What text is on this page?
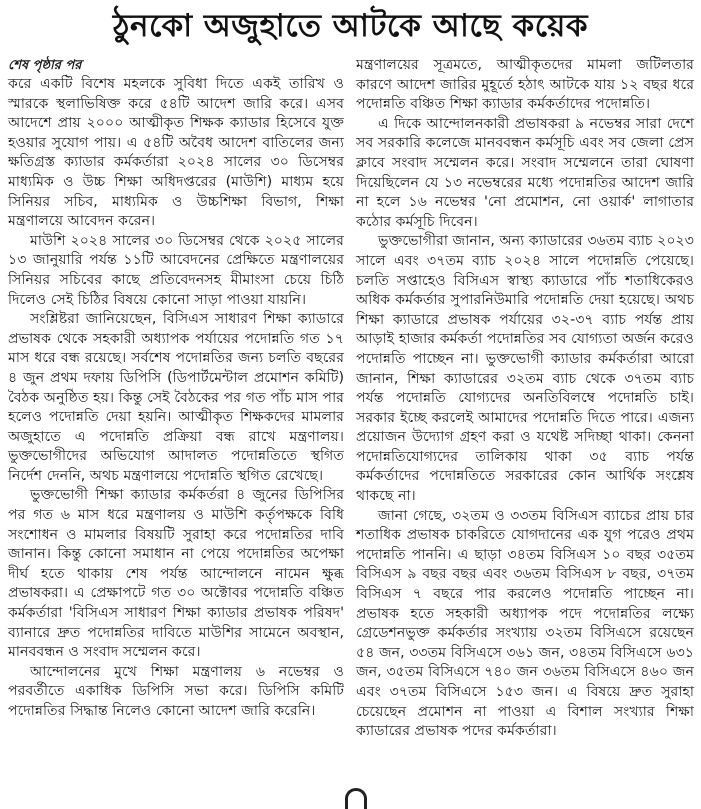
ঠুনকো অজুহাতে আটকে আছে কয়েক

শেষ পৃষ্ঠার পর

করে একটি বিশেষ মহলকে সুবিধা দিতে একই তারিখ ও স্মারকে স্থলাভিষিক্ত করে ৫৪টি আদেশ জারি করে। এসব আদেশে প্রায় ২০০০ আত্মীকৃত শিক্ষক ক্যাডার হিসেবে যুক্ত হওয়ার সুযোগ পায়। এ ৫৪টি অবৈধ আদেশ বাতিলের জন্য ক্ষতিগ্রস্ত ক্যাডার কর্মকর্তারা ২০২৪ সালের ৩০ ডিসেম্বর মাধ্যমিক ও উচ্চ শিক্ষা অধিদপ্তরের (মাউশি) মাধ্যম হয়ে সিনিয়র সচিব, মাধ্যমিক ও উচ্চশিক্ষা বিভাগ, শিক্ষা মন্ত্রণালয়ে আবেদন করেন।

মাউশি ২০২৪ সালের ৩০ ডিসেম্বর থেকে ২০২৫ সালের ১৩ জানুয়ারি পর্যন্ত ১১টি আবেদনের প্রেক্ষিতে মন্ত্রণালয়ের সিনিয়র সচিবের কাছে প্রতিবেদনসহ মীমাংসা চেয়ে চিঠি দিলেও সেই চিঠির বিষয়ে কোনো সাড়া পাওয়া যায়নি।

সংশ্লিষ্টরা জানিয়েছেন, বিসিএস সাধারণ শিক্ষা ক্যাডারে প্রভাষক থেকে সহকারী অধ্যাপক পর্যায়ের পদোন্নতি গত ১৭ মাস ধরে বন্ধ রয়েছে। সর্বশেষ পদোন্নতির জন্য চলতি বছরের ৪ জুন প্রথম দফায় ডিপিসি (ডিপার্টমেন্টাল প্রমোশন কমিটি) বৈঠক অনুষ্ঠিত হয়। কিন্তু সেই বৈঠকের পর গত পাঁচ মাস পার হলেও পদোন্নতি দেয়া হয়নি। আত্মীকৃত শিক্ষকদের মামলার অজুহাতে এ পদোন্নতি প্রক্রিয়া বন্ধ রাখে মন্ত্রণালয়। ভুক্তভোগীদের অভিযোগ আদালত পদোন্নতিতে স্থগিত নির্দেশ দেননি, অথচ মন্ত্রণালয়ে পদোন্নতি স্থগিত রেখেছে।

ভুক্তভোগী শিক্ষা ক্যাডার কর্মকর্তরা ৪ জুনের ডিপিসির পর গত ৬ মাস ধরে মন্ত্রণালয় ও মাউশি কর্তৃপক্ষকে বিধি সংশোধন ও মামলার বিষয়টি সুরাহা করে পদোন্নতির দাবি জানান। কিন্তু কোনো সমাধান না পেয়ে পদোন্নতির অপেক্ষা দীর্ঘ হতে থাকায় শেষ পর্যন্ত আন্দোলনে নামেন ক্ষুব্ধ প্রভাষকরা। এ প্রেক্ষাপটে গত ৩০ অক্টোবর পদোন্নতি বঞ্চিত কর্মকর্তারা 'বিসিএস সাধারণ শিক্ষা ক্যাডার প্রভাষক পরিষদ' ব্যানারে দ্রুত পদোন্নতির দাবিতে মাউশির সামেনে অবস্থান, মানববন্ধন ও সংবাদ সম্মেলন করে।

আন্দোলনের মুখে শিক্ষা মন্ত্রণালয় ৬ নভেম্বর ও পরবর্তীতে একাধিক ডিপিসি সভা করে। ডিপিসি কমিটি পদোন্নতির সিদ্ধান্ত নিলেও কোনো আদেশ জারি করেনি।

মন্ত্রণালয়ের সূত্রমতে, আত্মীকৃতদের মামলা জটিলতার কারণে আদেশ জারির মুহূর্তে হঠাৎ আটকে যায় ১২ বছর ধরে পদোন্নতি বঞ্চিত শিক্ষা ক্যাডার কর্মকর্তাদের পদোন্নতি।

এ দিকে আন্দোলনকারী প্রভাষকরা ৯ নভেম্বর সারা দেশে সব সরকারি কলেজে মানববন্ধন কর্মসূচি এবং সব জেলা প্রেস ক্লাবে সংবাদ সম্মেলন করে। সংবাদ সম্মেলনে তারা ঘোষণা দিয়েছিলেন যে ১৩ নভেম্বরের মধ্যে পদোন্নতির আদেশ জারি না হলে ১৬ নভেম্বর 'নো প্রমোশন, নো ওয়ার্ক' লাগাতার কঠোর কর্মসূচি দিবেন।

ভুক্তভোগীরা জানান, অন্য ক্যাডারের ৩৬তম ব্যাচ ২০২৩ সালে এবং ৩৭তম ব্যাচ ২০২৪ সালে পদোন্নতি পেয়েছে। চলতি সপ্তাহেও বিসিএস স্বাস্থ্য ক্যাডারে পাঁচ শতাধিকেরও অধিক কর্মকর্তার সুপারনিউমারি পদোন্নতি দেয়া হয়েছে। অথচ শিক্ষা ক্যাডারে প্রভাষক পর্যায়ের ৩২-৩৭ ব্যাচ পর্যন্ত প্রায় আড়াই হাজার কর্মকর্তা পদোন্নতির সব যোগ্যতা অর্জন করেও পদোন্নতি পাচ্ছেন না। ভুক্তভোগী ক্যাডার কর্মকর্তারা আরো জানান, শিক্ষা ক্যাডারের ৩২তম ব্যাচ থেকে ৩৭তম ব্যাচ পর্যন্ত পদোন্নতি যোগ্যদের অনতিবিলম্বে পদোন্নতি চাই। সরকার ইচ্ছে করলেই আমাদের পদোন্নতি দিতে পারে। এজন্য প্রয়োজন উদ্যোগ গ্রহণ করা ও যথেষ্ট সদিচ্ছা থাকা। কেননা পদোন্নতিযোগ্যদের তালিকায় থাকা ৩৫ ব্যাচ পর্যন্ত কর্মকর্তাদের পদোন্নতিতে সরকারের কোন আর্থিক সংশ্লেষ থাকছে না।

জানা গেছে, ৩২তম ও ৩৩তম বিসিএস ব্যাচের প্রায় চার শতাধিক প্রভাষক চাকরিতে যোগদানের এক যুগ পরেও প্রথম পদোন্নতি পাননি। এ ছাড়া ৩৪তম বিসিএস ১০ বছর ৩৫তম বিসিএস ৯ বছর বছর এবং ৩৬তম বিসিএস ৮ বছর, ৩৭তম বিসিএস ৭ বছরে পার করলেও পদোন্নতি পাচ্ছেন না। প্রভাষক হতে সহকারী অধ্যাপক পদে পদোন্নতির লক্ষ্যে গ্রেডেশনভুক্ত কর্মকর্তার সংখ্যায় ৩২তম বিসিএসে রয়েছেন ৫৪ জন, ৩৩তম বিসিএসে ৩৬১ জন, ৩৪তম বিসিএসে ৬৩১ জন, ৩৫তম বিসিএসে ৭৪০ জন ৩৬তম বিসিএসে ৪৬০ জন এবং ৩৭তম বিসিএসে ১৫৩ জন। এ বিষয়ে দ্রুত সুরাহা চেয়েছেন প্রমোশন না পাওয়া এ বিশাল সংখ্যার শিক্ষা ক্যাডারের প্রভাষক পদের কর্মকর্তারা।
